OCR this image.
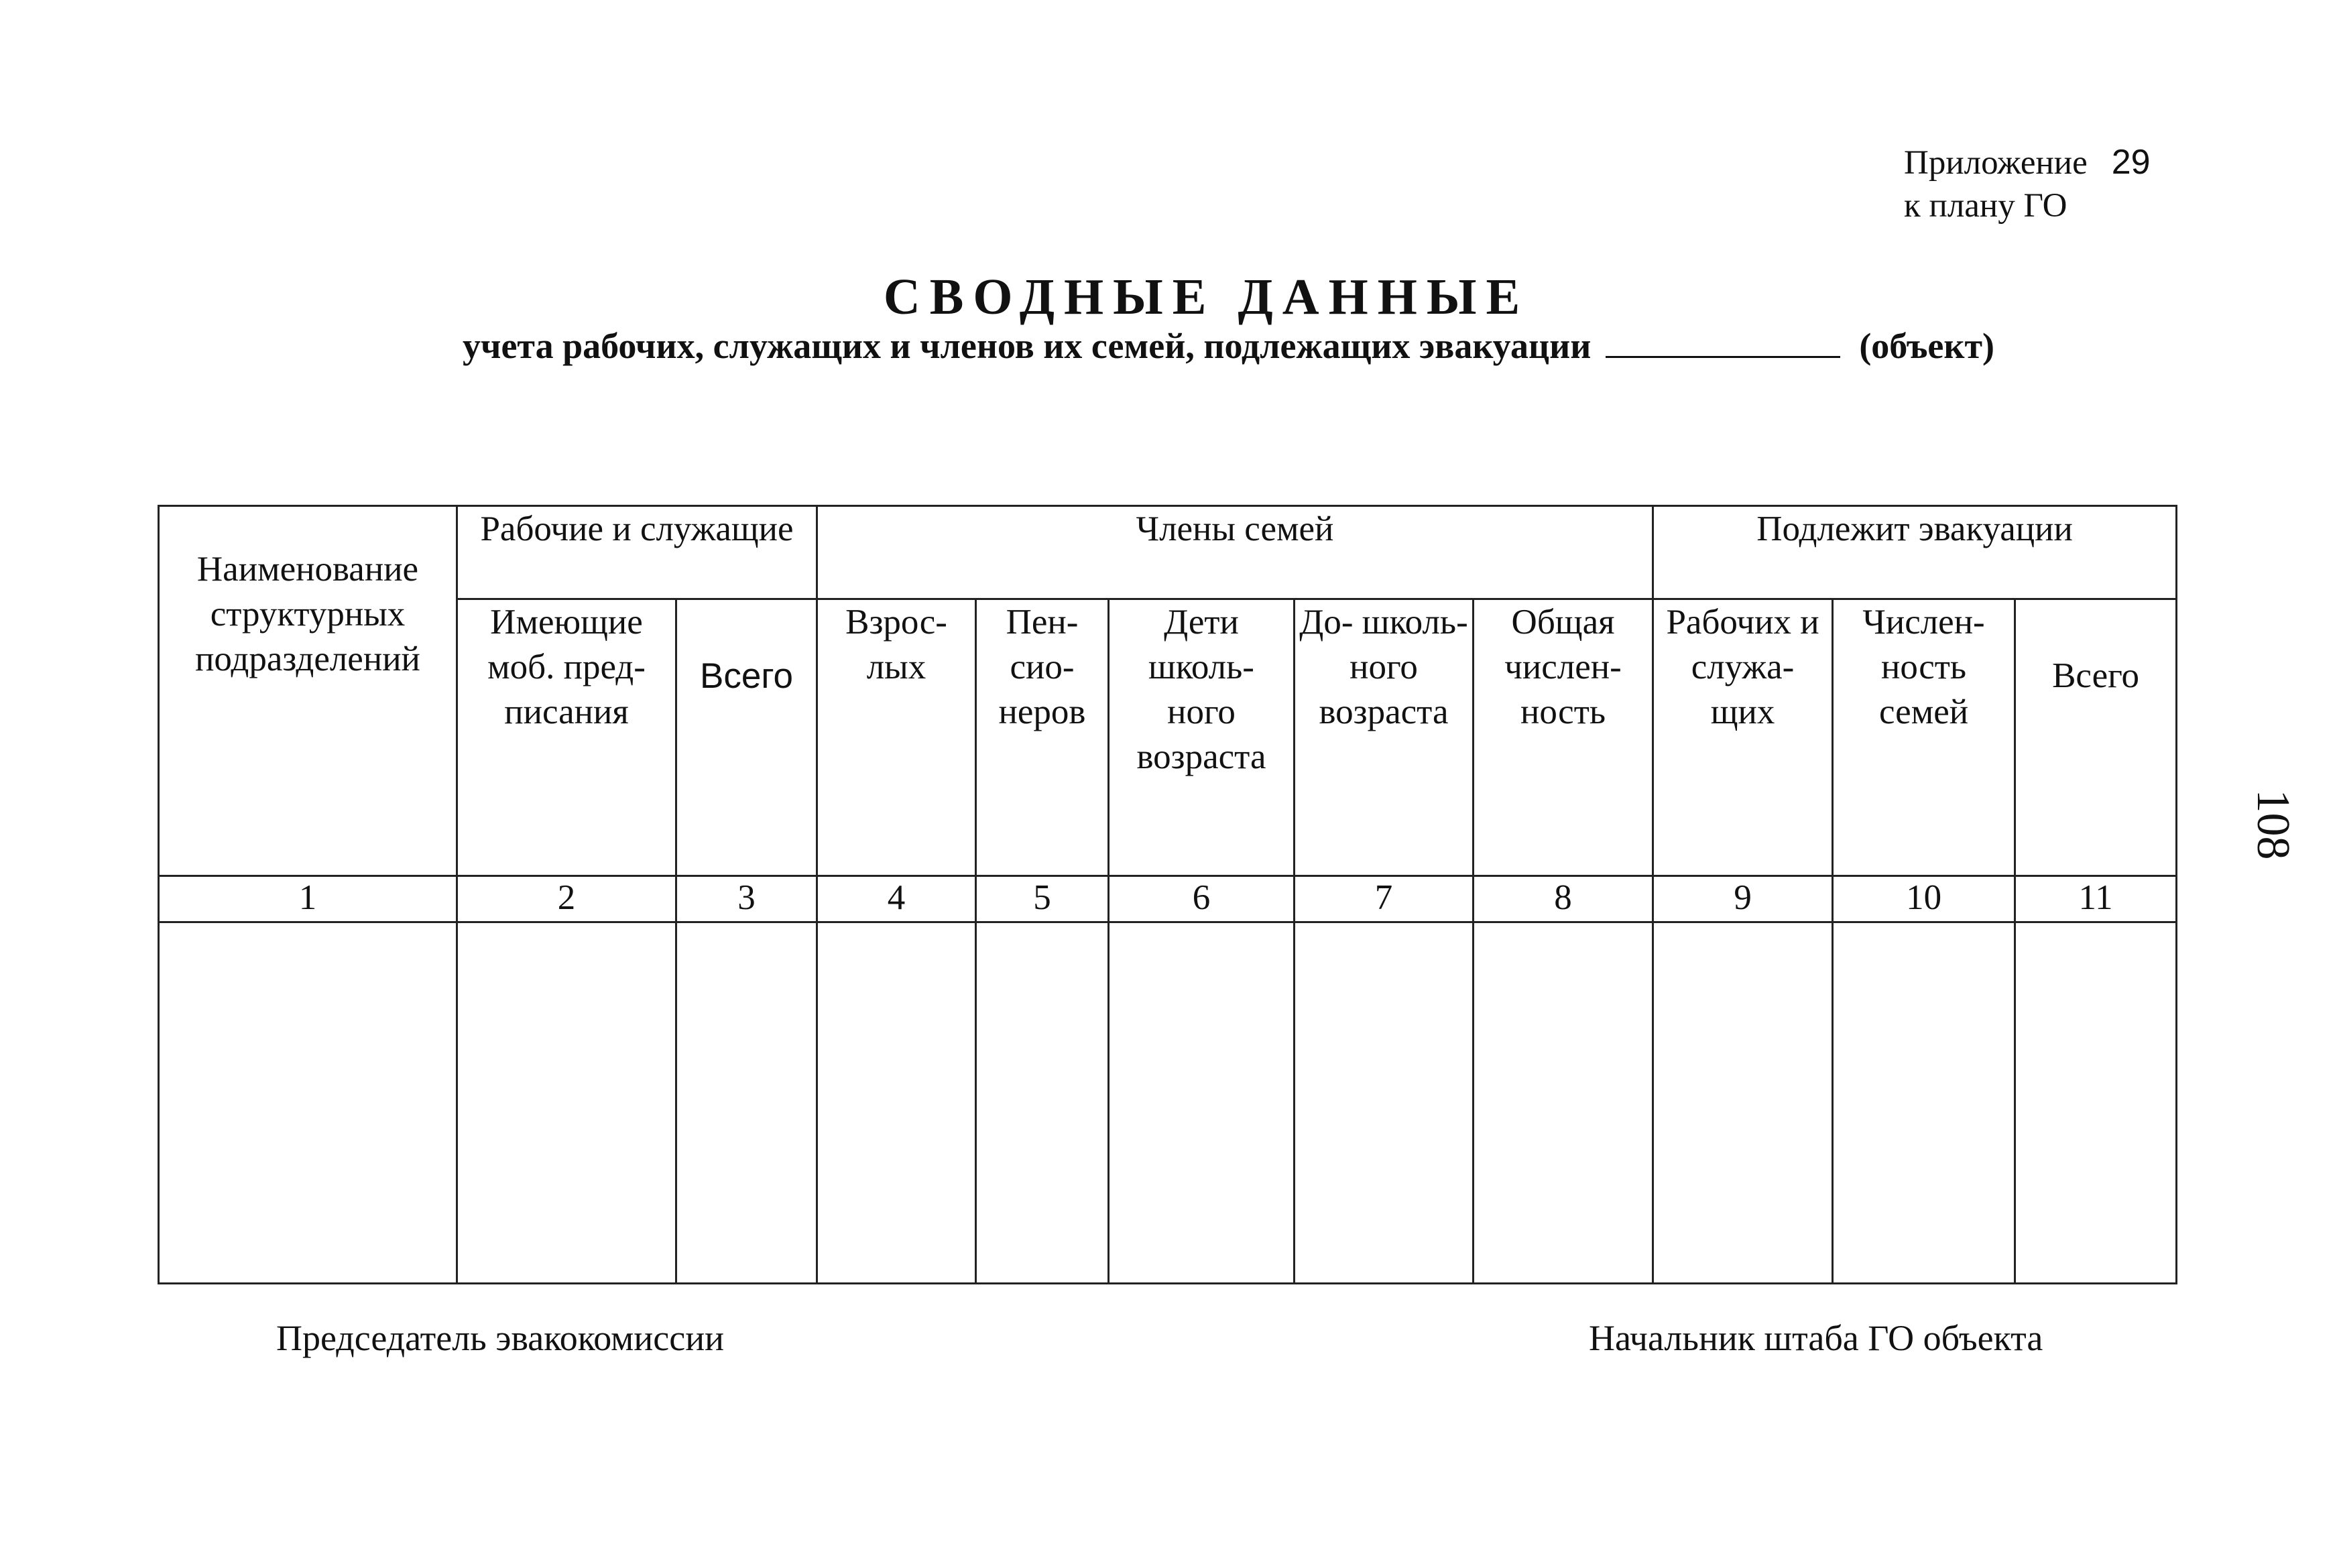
Приложение 29
к плану ГО
СВОДНЫЕ ДАННЫЕ
учета рабочих, служащих и членов их семей, подлежащих эвакуации	(объект)
Наименование структурных подразделений	Рабочие и служащие		Члены семей					Подлежит эвакуации		
	Имеющие моб. пред- писания	Всего	Взрос- лых	Пен- сио- неров	Дети школь- ного возраста	До- школь- ного возраста	Общая числен- ность	Рабочих и служа- щих	Числен- ность семей	Всего
1	2	3	4	5	6	7	8	9	10	11

Председатель эвакокомиссии	Начальник штаба ГО объекта
108
